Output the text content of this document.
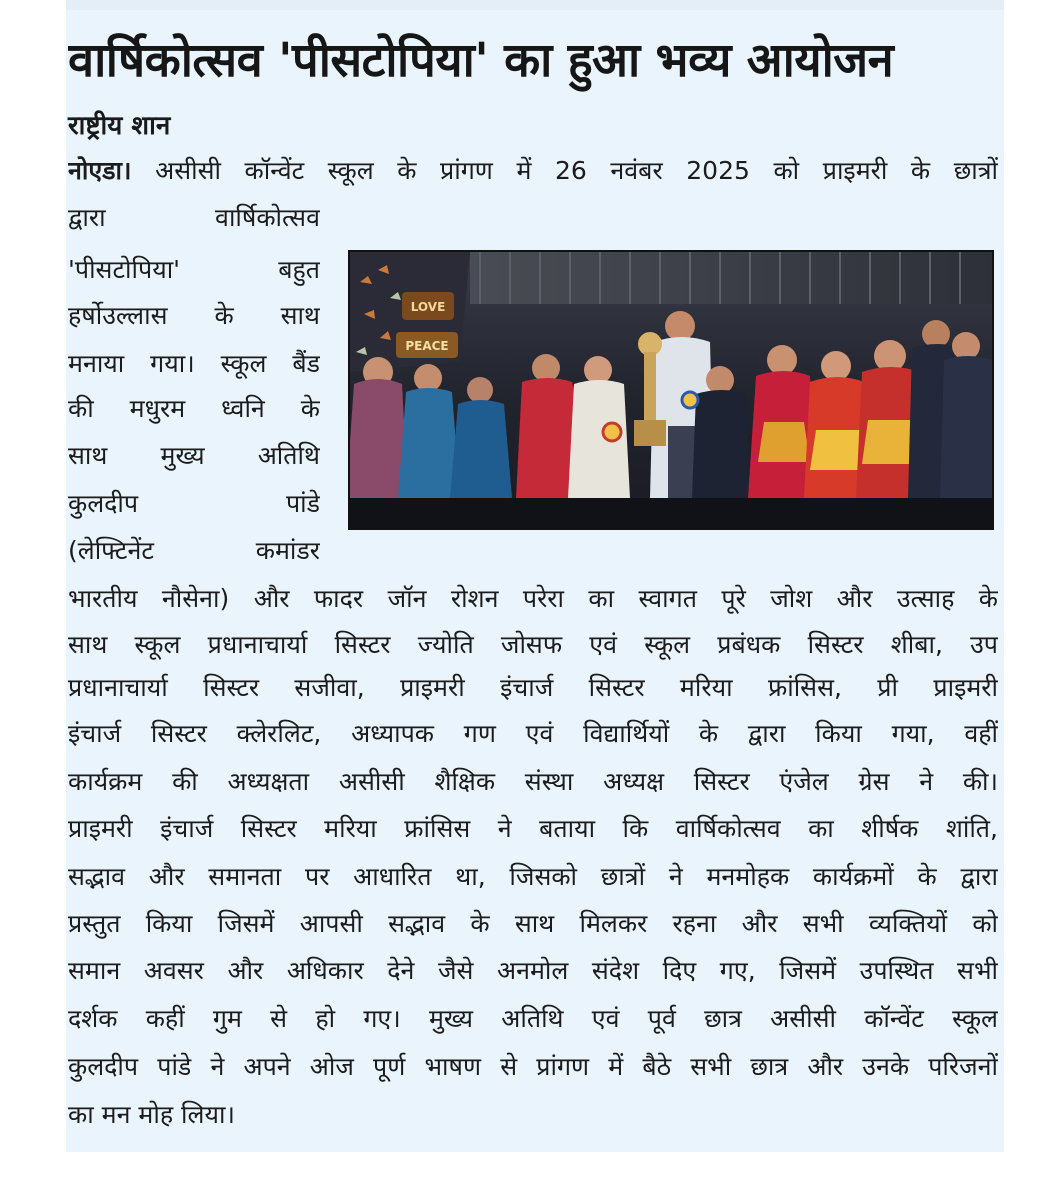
वार्षिकोत्सव 'पीसटोपिया' का हुआ भव्य आयोजन
राष्ट्रीय शान
नोएडा। असीसी कॉन्वेंट स्कूल के प्रांगण में 26 नवंबर 2025 को प्राइमरी के छात्रों
द्वारा वार्षिकोत्सव
'पीसटोपिया' बहुत
हर्षोउल्लास के साथ
मनाया गया। स्कूल बैंड
की मधुरम ध्वनि के
साथ मुख्य अतिथि
कुलदीप पांडे
(लेफ्टिनेंट कमांडर
LOVE
PEACE
भारतीय नौसेना) और फादर जॉन रोशन परेरा का स्वागत पूरे जोश और उत्साह के
साथ स्कूल प्रधानाचार्या सिस्टर ज्योति जोसफ एवं स्कूल प्रबंधक सिस्टर शीबा, उप
प्रधानाचार्या सिस्टर सजीवा, प्राइमरी इंचार्ज सिस्टर मरिया फ्रांसिस, प्री प्राइमरी
इंचार्ज सिस्टर क्लेरलिट, अध्यापक गण एवं विद्यार्थियों के द्वारा किया गया, वहीं
कार्यक्रम की अध्यक्षता असीसी शैक्षिक संस्था अध्यक्ष सिस्टर एंजेल ग्रेस ने की।
प्राइमरी इंचार्ज सिस्टर मरिया फ्रांसिस ने बताया कि वार्षिकोत्सव का शीर्षक शांति,
सद्भाव और समानता पर आधारित था, जिसको छात्रों ने मनमोहक कार्यक्रमों के द्वारा
प्रस्तुत किया जिसमें आपसी सद्भाव के साथ मिलकर रहना और सभी व्यक्तियों को
समान अवसर और अधिकार देने जैसे अनमोल संदेश दिए गए, जिसमें उपस्थित सभी
दर्शक कहीं गुम से हो गए। मुख्य अतिथि एवं पूर्व छात्र असीसी कॉन्वेंट स्कूल
कुलदीप पांडे ने अपने ओज पूर्ण भाषण से प्रांगण में बैठे सभी छात्र और उनके परिजनों
का मन मोह लिया।
